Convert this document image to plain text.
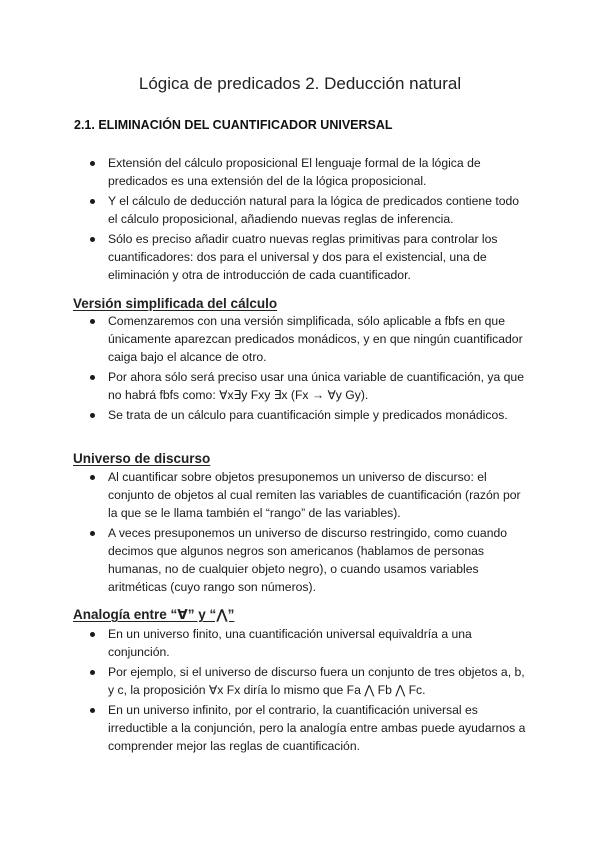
Lógica de predicados 2. Deducción natural
2.1. ELIMINACIÓN DEL CUANTIFICADOR UNIVERSAL
Extensión del cálculo proposicional El lenguaje formal de la lógica de predicados es una extensión del de la lógica proposicional.
Y el cálculo de deducción natural para la lógica de predicados contiene todo el cálculo proposicional, añadiendo nuevas reglas de inferencia.
Sólo es preciso añadir cuatro nuevas reglas primitivas para controlar los cuantificadores: dos para el universal y dos para el existencial, una de eliminación y otra de introducción de cada cuantificador.
Versión simplificada del cálculo
Comenzaremos con una versión simplificada, sólo aplicable a fbfs en que únicamente aparezcan predicados monádicos, y en que ningún cuantificador caiga bajo el alcance de otro.
Por ahora sólo será preciso usar una única variable de cuantificación, ya que no habrá fbfs como: ∀x∃y Fxy ∃x (Fx → ∀y Gy).
Se trata de un cálculo para cuantificación simple y predicados monádicos.
Universo de discurso
Al cuantificar sobre objetos presuponemos un universo de discurso: el conjunto de objetos al cual remiten las variables de cuantificación (razón por la que se le llama también el “rango” de las variables).
A veces presuponemos un universo de discurso restringido, como cuando decimos que algunos negros son americanos (hablamos de personas humanas, no de cualquier objeto negro), o cuando usamos variables aritméticas (cuyo rango son números).
Analogía entre “∀” y “⋀”
En un universo finito, una cuantificación universal equivaldría a una conjunción.
Por ejemplo, si el universo de discurso fuera un conjunto de tres objetos a, b, y c, la proposición ∀x Fx diría lo mismo que Fa ⋀ Fb ⋀ Fc.
En un universo infinito, por el contrario, la cuantificación universal es irreductible a la conjunción, pero la analogía entre ambas puede ayudarnos a comprender mejor las reglas de cuantificación.
